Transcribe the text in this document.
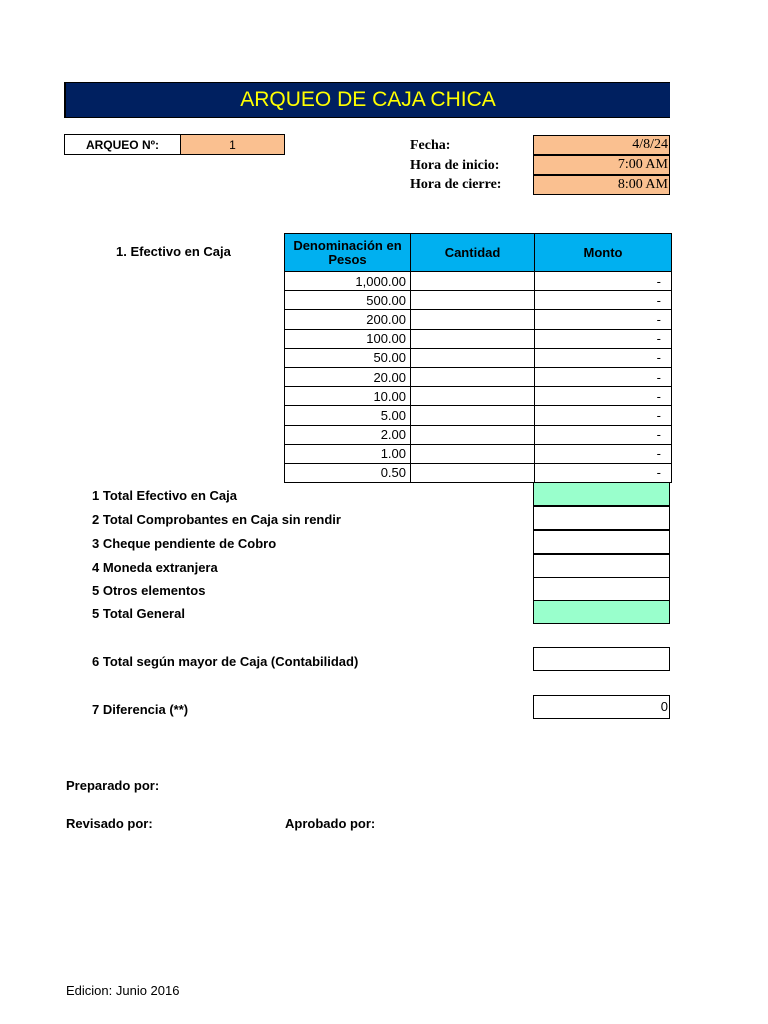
ARQUEO DE CAJA CHICA
ARQUEO Nº:	1	Fecha:	4/8/24
Hora de inicio:	7:00 AM
Hora de cierre:	8:00 AM
1. Efectivo en Caja	Denominación en Pesos	Cantidad	Monto
1,000.00		-
500.00		-
200.00		-
100.00		-
50.00		-
20.00		-
10.00		-
5.00		-
2.00		-
1.00		-
0.50		-
1 Total Efectivo en Caja
2 Total Comprobantes en Caja sin rendir
3 Cheque pendiente de Cobro
4 Moneda extranjera
5 Otros elementos
5 Total General
6 Total según mayor de Caja (Contabilidad)
7 Diferencia (**)	0
Preparado por:
Revisado por:	Aprobado por:
Edicion: Junio 2016
